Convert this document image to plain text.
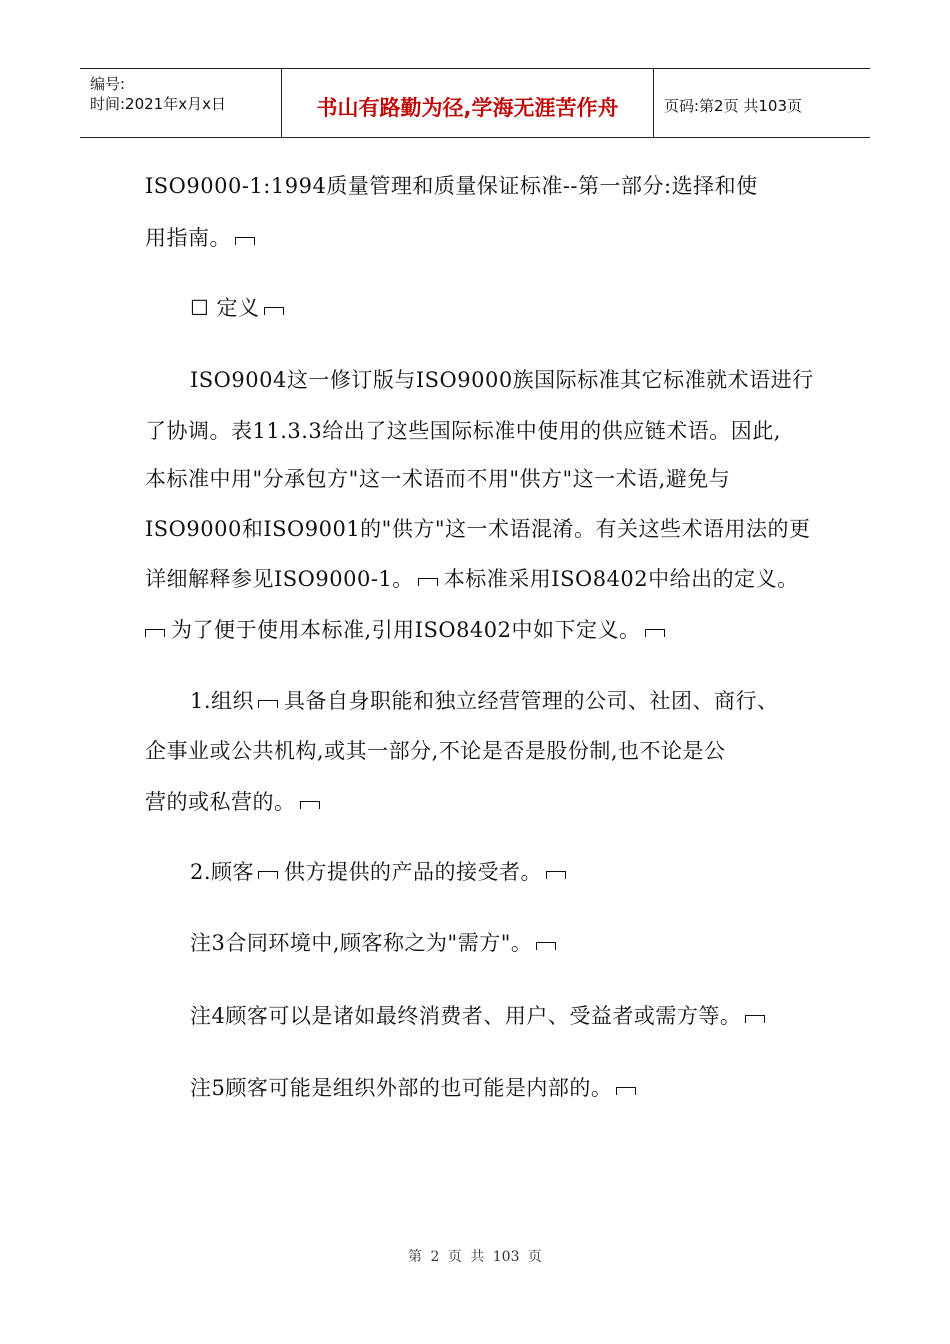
编号:
时间:2021年x月x日	书山有路勤为径,学海无涯苦作舟	页码:第2页 共103页
ISO9000-1:1994质量管理和质量保证标准--第一部分:选择和使
用指南。
☐ 定义
ISO9004这一修订版与ISO9000族国际标准其它标准就术语进行
了协调。表11.3.3给出了这些国际标准中使用的供应链术语。因此,
本标准中用"分承包方"这一术语而不用"供方"这一术语,避免与
ISO9000和ISO9001的"供方"这一术语混淆。有关这些术语用法的更
详细解释参见ISO9000-1。 本标准采用ISO8402中给出的定义。
为了便于使用本标准,引用ISO8402中如下定义。
1.组织 具备自身职能和独立经营管理的公司、社团、商行、
企事业或公共机构,或其一部分,不论是否是股份制,也不论是公
营的或私营的。
2.顾客 供方提供的产品的接受者。
注3合同环境中,顾客称之为"需方"。
注4顾客可以是诸如最终消费者、用户、受益者或需方等。
注5顾客可能是组织外部的也可能是内部的。
第 2 页 共 103 页
